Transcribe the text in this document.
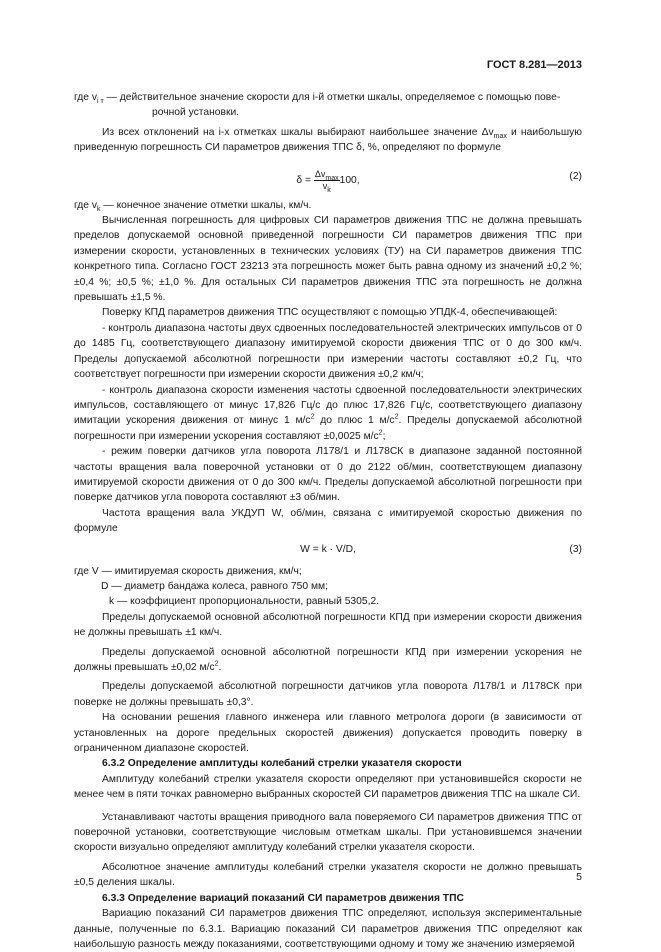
ГОСТ 8.281—2013

где $v_{i т}$ — действительное значение скорости для i-й отметки шкалы, определяемое с помощью пове-

рочной установки.

Из всех отклонений на i-х отметках шкалы выбирают наибольшее значение $\Delta v_{max}$ и наибольшую приведенную погрешность СИ параметров движения ТПС δ, %, определяют по формуле

$\delta = \frac{\Delta v_{max}}{v_k} 100$,	(2)

где $v_k$ — конечное значение отметки шкалы, км/ч.

Вычисленная погрешность для цифровых СИ параметров движения ТПС не должна превышать пределов допускаемой основной приведенной погрешности СИ параметров движения ТПС при измерении скорости, установленных в технических условиях (ТУ) на СИ параметров движения ТПС конкретного типа. Согласно ГОСТ 23213 эта погрешность может быть равна одному из значений ±0,2 %; ±0,4 %; ±0,5 %; ±1,0 %. Для остальных СИ параметров движения ТПС эта погрешность не должна превышать ±1,5 %.

Поверку КПД параметров движения ТПС осуществляют с помощью УПДК-4, обеспечивающей:

- контроль диапазона частоты двух сдвоенных последовательностей электрических импульсов от 0 до 1485 Гц, соответствующего диапазону имитируемой скорости движения ТПС от 0 до 300 км/ч. Пределы допускаемой абсолютной погрешности при измерении частоты составляют ±0,2 Гц, что соответствует погрешности при измерении скорости движения ±0,2 км/ч;

- контроль диапазона скорости изменения частоты сдвоенной последовательности электрических импульсов, составляющего от минус 17,826 Гц/с до плюс 17,826 Гц/с, соответствующего диапазону имитации ускорения движения от минус 1 $м/с^2$ до плюс 1 $м/с^2$. Пределы допускаемой абсолютной погрешности при измерении ускорения составляют ±0,0025 $м/с^2$;

- режим поверки датчиков угла поворота Л178/1 и Л178СК в диапазоне заданной постоянной частоты вращения вала поверочной установки от 0 до 2122 об/мин, соответствующем диапазону имитируемой скорости движения от 0 до 300 км/ч. Пределы допускаемой абсолютной погрешности при поверке датчиков угла поворота составляют ±3 об/мин.

Частота вращения вала УКДУП W, об/мин, связана с имитируемой скоростью движения по формуле

W = k · V/D,	(3)

где V — имитируемая скорость движения, км/ч;

D — диаметр бандажа колеса, равного 750 мм;

k — коэффициент пропорциональности, равный 5305,2.

Пределы допускаемой основной абсолютной погрешности КПД при измерении скорости движения не должны превышать ±1 км/ч.

Пределы допускаемой основной абсолютной погрешности КПД при измерении ускорения не должны превышать ±0,02 $м/с^2$.

Пределы допускаемой абсолютной погрешности датчиков угла поворота Л178/1 и Л178СК при поверке не должны превышать ±0,3°.

На основании решения главного инженера или главного метролога дороги (в зависимости от установленных на дороге предельных скоростей движения) допускается проводить поверку в ограниченном диапазоне скоростей.

6.3.2 Определение амплитуды колебаний стрелки указателя скорости

Амплитуду колебаний стрелки указателя скорости определяют при установившейся скорости не менее чем в пяти точках равномерно выбранных скоростей СИ параметров движения ТПС на шкале СИ.

Устанавливают частоты вращения приводного вала поверяемого СИ параметров движения ТПС от поверочной установки, соответствующие числовым отметкам шкалы. При установившемся значении скорости визуально определяют амплитуду колебаний стрелки указателя скорости.

Абсолютное значение амплитуды колебаний стрелки указателя скорости не должно превышать ±0,5 деления шкалы.

6.3.3 Определение вариаций показаний СИ параметров движения ТПС

Вариацию показаний СИ параметров движения ТПС определяют, используя экспериментальные данные, полученные по 6.3.1. Вариацию показаний СИ параметров движения ТПС определяют как наибольшую разность между показаниями, соответствующими одному и тому же значению измеряемой

5
